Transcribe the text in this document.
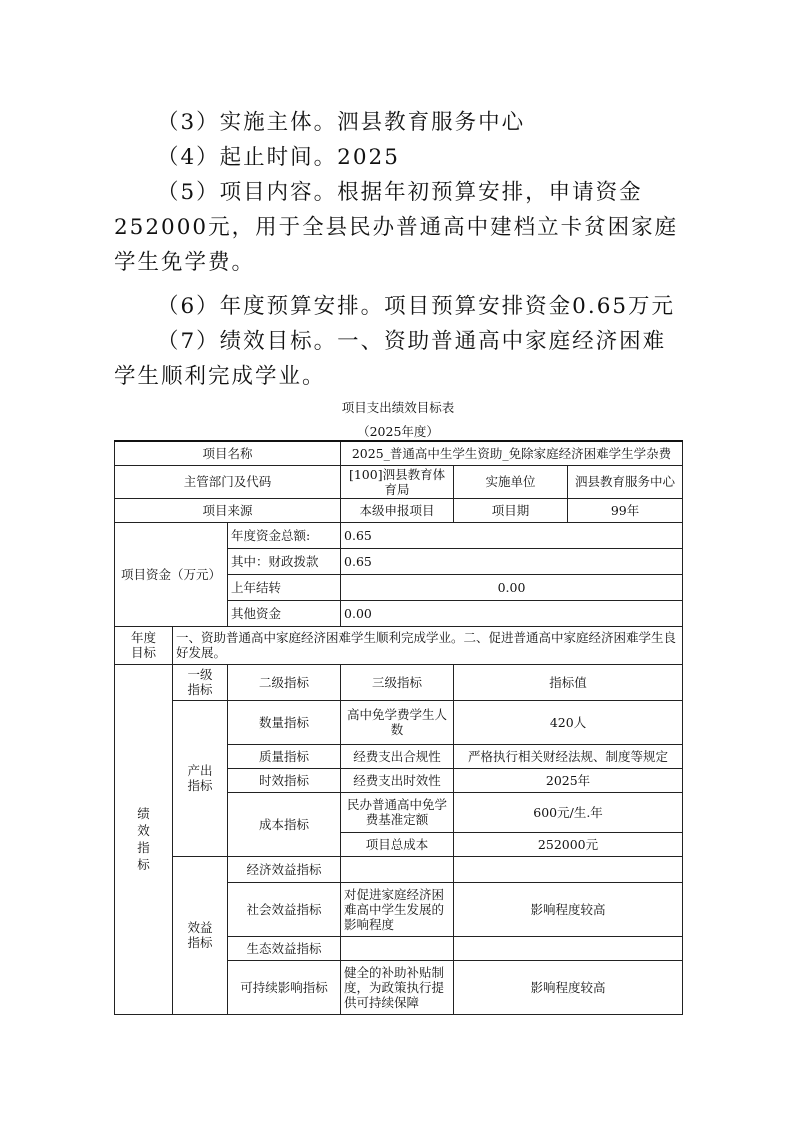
（3）实施主体。泗县教育服务中心

（4）起止时间。2025

（5）项目内容。根据年初预算安排，申请资金252000元，用于全县民办普通高中建档立卡贫困家庭学生免学费。

（6）年度预算安排。项目预算安排资金0.65万元

（7）绩效目标。一、资助普通高中家庭经济困难学生顺利完成学业。

项目支出绩效目标表
（2025年度）
项目名称			2025_普通高中生学生资助_免除家庭经济困难学生学杂费		
主管部门及代码			[100]泗县教育体育局	实施单位	泗县教育服务中心
项目来源			本级申报项目	项目期	99年
项目资金（万元）		年度资金总额:	0.65		
		其中：财政拨款	0.65		
		上年结转	0.00		
		其他资金	0.00		
年度目标	一、资助普通高中家庭经济困难学生顺利完成学业。二、促进普通高中家庭经济困难学生良好发展。				
绩效指标	一级指标	二级指标	三级指标	指标值	
	产出指标	数量指标	高中免学费学生人数	420人	
		质量指标	经费支出合规性	严格执行相关财经法规、制度等规定	
		时效指标	经费支出时效性	2025年	
		成本指标	民办普通高中免学费基准定额	600元/生.年	
			项目总成本	252000元	
	效益指标	经济效益指标			
		社会效益指标	对促进家庭经济困难高中学生发展的影响程度	影响程度较高	
		生态效益指标			
		可持续影响指标	健全的补助补贴制度，为政策执行提供可持续保障	影响程度较高	
